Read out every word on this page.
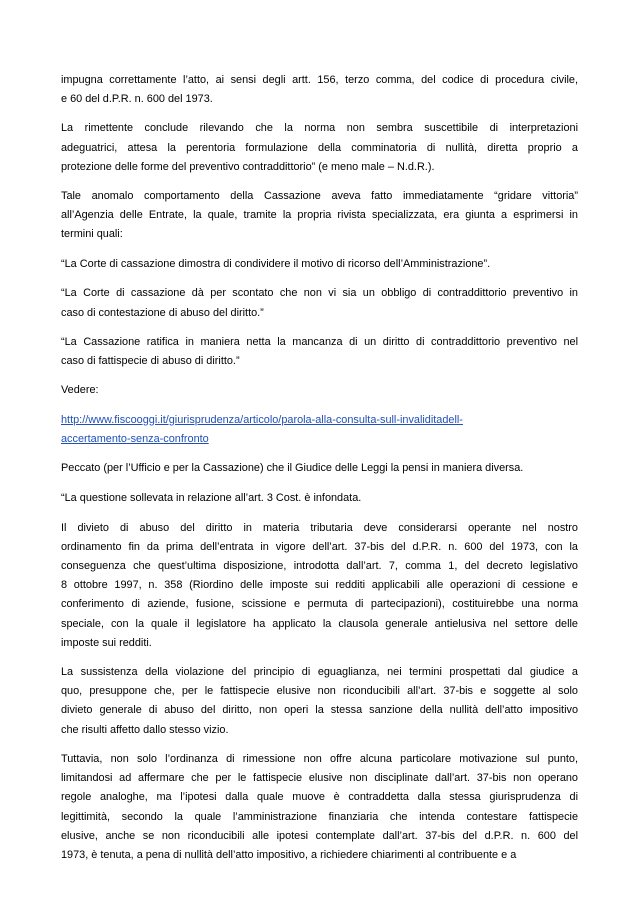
impugna correttamente l’atto, ai sensi degli artt. 156, terzo comma, del codice di procedura civile,
e 60 del d.P.R. n. 600 del 1973.

La rimettente conclude rilevando che la norma non sembra suscettibile di interpretazioni
adeguatrici, attesa la perentoria formulazione della comminatoria di nullità, diretta proprio a
protezione delle forme del preventivo contraddittorio” (e meno male – N.d.R.).

Tale anomalo comportamento della Cassazione aveva fatto immediatamente “gridare vittoria”
all’Agenzia delle Entrate, la quale, tramite la propria rivista specializzata, era giunta a esprimersi in
termini quali:

“La Corte di cassazione dimostra di condividere il motivo di ricorso dell’Amministrazione”.

“La Corte di cassazione dà per scontato che non vi sia un obbligo di contraddittorio preventivo in
caso di contestazione di abuso del diritto.”

“La Cassazione ratifica in maniera netta la mancanza di un diritto di contraddittorio preventivo nel
caso di fattispecie di abuso di diritto.”

Vedere:

http://www.fiscooggi.it/giurisprudenza/articolo/parola-alla-consulta-sull-invaliditadell-
accertamento-senza-confronto

Peccato (per l’Ufficio e per la Cassazione) che il Giudice delle Leggi la pensi in maniera diversa.

“La questione sollevata in relazione all’art. 3 Cost. è infondata.

Il divieto di abuso del diritto in materia tributaria deve considerarsi operante nel nostro
ordinamento fin da prima dell’entrata in vigore dell’art. 37-bis del d.P.R. n. 600 del 1973, con la
conseguenza che quest’ultima disposizione, introdotta dall’art. 7, comma 1, del decreto legislativo
8 ottobre 1997, n. 358 (Riordino delle imposte sui redditi applicabili alle operazioni di cessione e
conferimento di aziende, fusione, scissione e permuta di partecipazioni), costituirebbe una norma
speciale, con la quale il legislatore ha applicato la clausola generale antielusiva nel settore delle
imposte sui redditi.

La sussistenza della violazione del principio di eguaglianza, nei termini prospettati dal giudice a
quo, presuppone che, per le fattispecie elusive non riconducibili all’art. 37-bis e soggette al solo
divieto generale di abuso del diritto, non operi la stessa sanzione della nullità dell’atto impositivo
che risulti affetto dallo stesso vizio.

Tuttavia, non solo l’ordinanza di rimessione non offre alcuna particolare motivazione sul punto,
limitandosi ad affermare che per le fattispecie elusive non disciplinate dall’art. 37-bis non operano
regole analoghe, ma l’ipotesi dalla quale muove è contraddetta dalla stessa giurisprudenza di
legittimità, secondo la quale l’amministrazione finanziaria che intenda contestare fattispecie
elusive, anche se non riconducibili alle ipotesi contemplate dall’art. 37-bis del d.P.R. n. 600 del
1973, è tenuta, a pena di nullità dell’atto impositivo, a richiedere chiarimenti al contribuente e a
